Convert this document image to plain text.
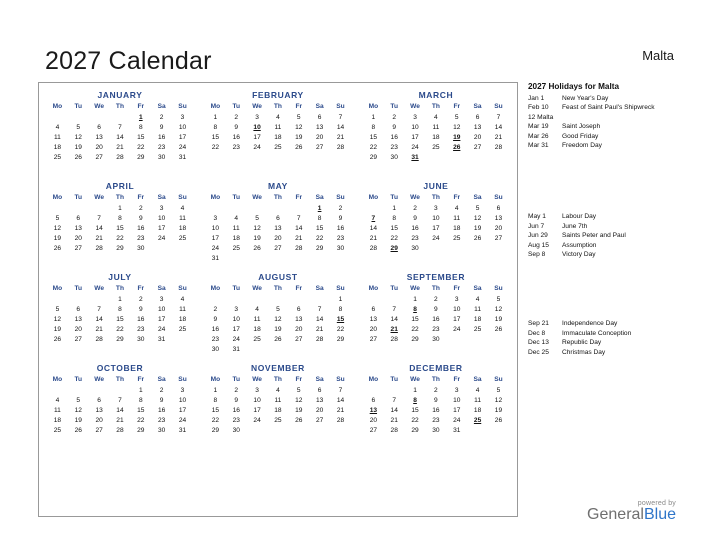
2027 Calendar	Malta
JANUARY
Mo	Tu	We	Th	Fr	Sa	Su
				1	2	3
4	5	6	7	8	9	10
11	12	13	14	15	16	17
18	19	20	21	22	23	24
25	26	27	28	29	30	31

FEBRUARY
Mo	Tu	We	Th	Fr	Sa	Su
1	2	3	4	5	6	7
8	9	10	11	12	13	14
15	16	17	18	19	20	21
22	23	24	25	26	27	28

MARCH
Mo	Tu	We	Th	Fr	Sa	Su
1	2	3	4	5	6	7
8	9	10	11	12	13	14
15	16	17	18	19	20	21
22	23	24	25	26	27	28
29	30	31				

APRIL
Mo	Tu	We	Th	Fr	Sa	Su
			1	2	3	4
5	6	7	8	9	10	11
12	13	14	15	16	17	18
19	20	21	22	23	24	25
26	27	28	29	30		

MAY
Mo	Tu	We	Th	Fr	Sa	Su
					1	2
3	4	5	6	7	8	9
10	11	12	13	14	15	16
17	18	19	20	21	22	23
24	25	26	27	28	29	30
31						
JUNE
Mo	Tu	We	Th	Fr	Sa	Su
	1	2	3	4	5	6
7	8	9	10	11	12	13
14	15	16	17	18	19	20
21	22	23	24	25	26	27
28	29	30				

JULY
Mo	Tu	We	Th	Fr	Sa	Su
			1	2	3	4
5	6	7	8	9	10	11
12	13	14	15	16	17	18
19	20	21	22	23	24	25
26	27	28	29	30	31	

AUGUST
Mo	Tu	We	Th	Fr	Sa	Su
						1
2	3	4	5	6	7	8
9	10	11	12	13	14	15
16	17	18	19	20	21	22
23	24	25	26	27	28	29
30	31					
SEPTEMBER
Mo	Tu	We	Th	Fr	Sa	Su
		1	2	3	4	5
6	7	8	9	10	11	12
13	14	15	16	17	18	19
20	21	22	23	24	25	26
27	28	29	30			

OCTOBER
Mo	Tu	We	Th	Fr	Sa	Su
				1	2	3
4	5	6	7	8	9	10
11	12	13	14	15	16	17
18	19	20	21	22	23	24
25	26	27	28	29	30	31

NOVEMBER
Mo	Tu	We	Th	Fr	Sa	Su
1	2	3	4	5	6	7
8	9	10	11	12	13	14
15	16	17	18	19	20	21
22	23	24	25	26	27	28
29	30					

DECEMBER
Mo	Tu	We	Th	Fr	Sa	Su
		1	2	3	4	5
6	7	8	9	10	11	12
13	14	15	16	17	18	19
20	21	22	23	24	25	26
27	28	29	30	31		

2027 Holidays for Malta
Jan 1	New Year's Day
Feb 10	Feast of Saint Paul's Shipwreck
12 Malta
Mar 19	Saint Joseph
Mar 26	Good Friday
Mar 31	Freedom Day
May 1	Labour Day
Jun 7	June 7th
Jun 29	Saints Peter and Paul
Aug 15	Assumption
Sep 8	Victory Day
Sep 21	Independence Day
Dec 8	Immaculate Conception
Dec 13	Republic Day
Dec 25	Christmas Day
powered by
GeneralBlue
